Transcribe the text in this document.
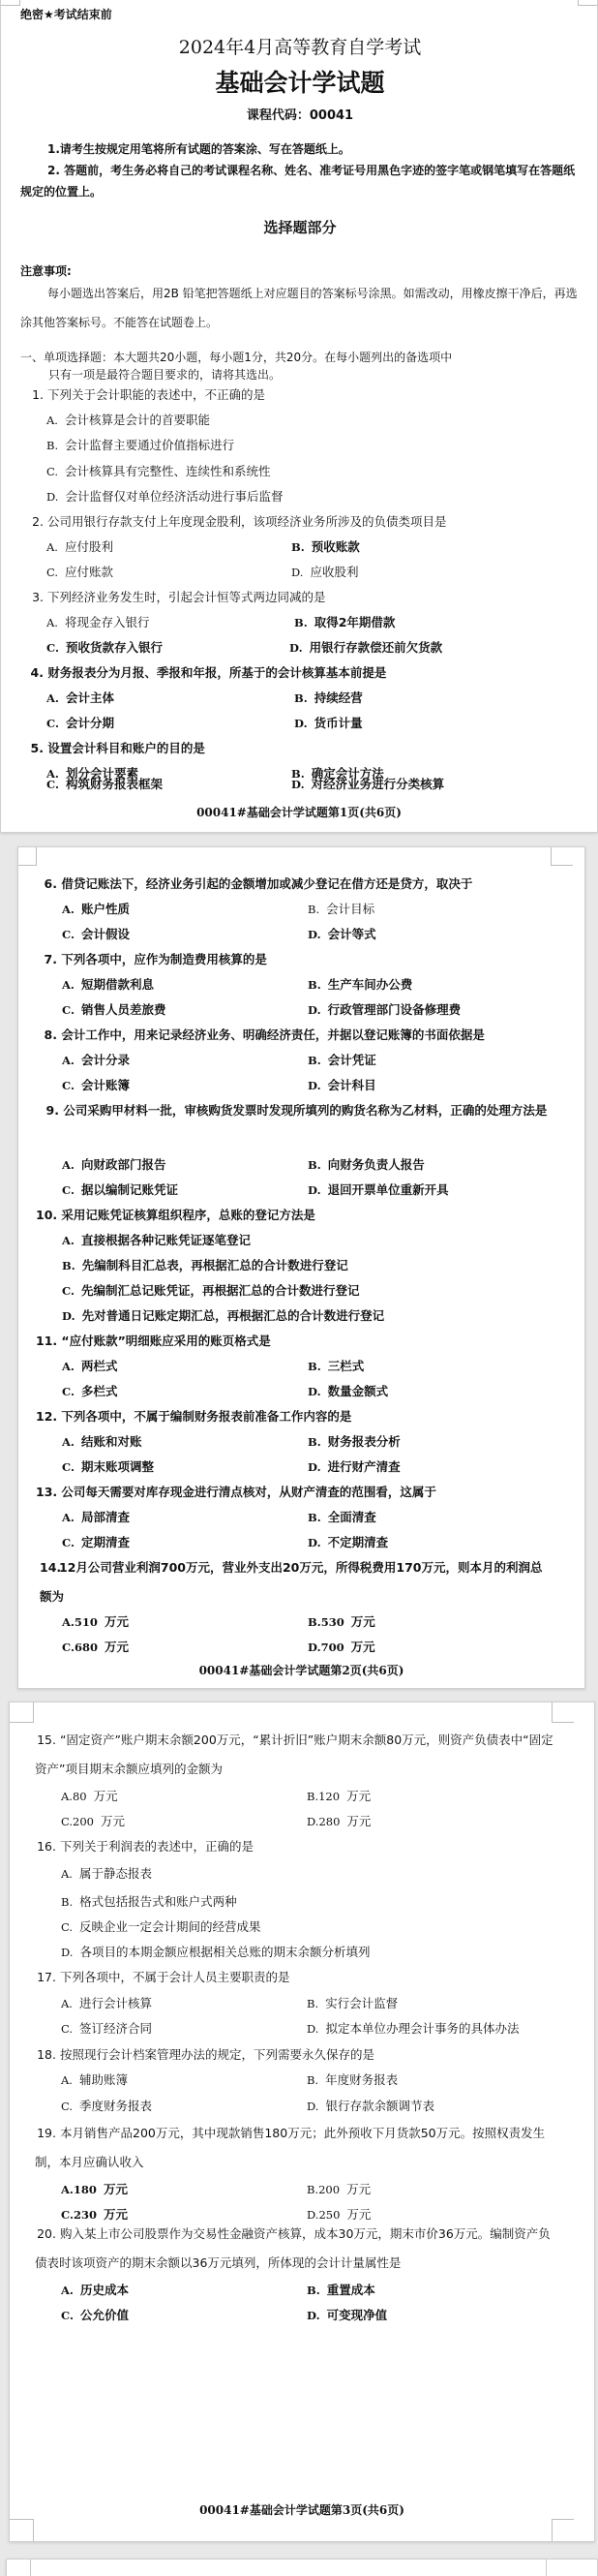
绝密★考试结束前
2024年4月高等教育自学考试
基础会计学试题
课程代码：00041
1.请考生按规定用笔将所有试题的答案涂、写在答题纸上。
2. 答题前，考生务必将自己的考试课程名称、姓名、准考证号用黑色字迹的签字笔或钢笔填写在答题纸规定的位置上。
选择题部分
注意事项:
每小题选出答案后，用2B 铅笔把答题纸上对应题目的答案标号涂黑。如需改动，用橡皮擦干净后，再选涂其他答案标号。不能答在试题卷上。
一、单项选择题：本大题共20小题，每小题1分，共20分。在每小题列出的备选项中
只有一项是最符合题目要求的，请将其选出。
1. 下列关于会计职能的表述中，不正确的是
A. 会计核算是会计的首要职能
B. 会计监督主要通过价值指标进行
C. 会计核算具有完整性、连续性和系统性
D. 会计监督仅对单位经济活动进行事后监督
2. 公司用银行存款支付上年度现金股利，该项经济业务所涉及的负债类项目是
A. 应付股利	B. 预收账款
C. 应付账款	D. 应收股利
3. 下列经济业务发生时，引起会计恒等式两边同减的是
A. 将现金存入银行	B. 取得2年期借款
C. 预收货款存入银行	D. 用银行存款偿还前欠货款
4. 财务报表分为月报、季报和年报，所基于的会计核算基本前提是
A. 会计主体	B. 持续经营
C. 会计分期	D. 货币计量
5. 设置会计科目和账户的目的是
A. 划分会计要素	B. 确定会计方法
C. 构筑财务报表框架	D. 对经济业务进行分类核算
00041#基础会计学试题第1页(共6页)
6. 借贷记账法下，经济业务引起的金额增加或减少登记在借方还是贷方，取决于
A. 账户性质	B. 会计目标
C. 会计假设	D. 会计等式
7. 下列各项中，应作为制造费用核算的是
A. 短期借款利息	B. 生产车间办公费
C. 销售人员差旅费	D. 行政管理部门设备修理费
8. 会计工作中，用来记录经济业务、明确经济责任，并据以登记账簿的书面依据是
A. 会计分录	B. 会计凭证
C. 会计账簿	D. 会计科目
9. 公司采购甲材料一批，审核购货发票时发现所填列的购货名称为乙材料，正确的处理方法是
A. 向财政部门报告	B. 向财务负责人报告
C. 据以编制记账凭证	D. 退回开票单位重新开具
10. 采用记账凭证核算组织程序，总账的登记方法是
A. 直接根据各种记账凭证逐笔登记
B. 先编制科目汇总表，再根据汇总的合计数进行登记
C. 先编制汇总记账凭证，再根据汇总的合计数进行登记
D. 先对普通日记账定期汇总，再根据汇总的合计数进行登记
11. “应付账款”明细账应采用的账页格式是
A. 两栏式	B. 三栏式
C. 多栏式	D. 数量金额式
12. 下列各项中，不属于编制财务报表前准备工作内容的是
A. 结账和对账	B. 财务报表分析
C. 期末账项调整	D. 进行财产清查
13. 公司每天需要对库存现金进行清点核对，从财产清查的范围看，这属于
A. 局部清查	B. 全面清查
C. 定期清查	D. 不定期清查
14.12月公司营业利润700万元，营业外支出20万元，所得税费用170万元，则本月的利润总额为
A.510 万元	B.530 万元
C.680 万元	D.700 万元
00041#基础会计学试题第2页(共6页)
15. “固定资产”账户期末余额200万元，“累计折旧”账户期末余额80万元，则资产负债表中“固定资产”项目期末余额应填列的金额为
A.80 万元	B.120 万元
C.200 万元	D.280 万元
16. 下列关于利润表的表述中，正确的是
A. 属于静态报表
B. 格式包括报告式和账户式两种
C. 反映企业一定会计期间的经营成果
D. 各项目的本期金额应根据相关总账的期末余额分析填列
17. 下列各项中，不属于会计人员主要职责的是
A. 进行会计核算	B. 实行会计监督
C. 签订经济合同	D. 拟定本单位办理会计事务的具体办法
18. 按照现行会计档案管理办法的规定，下列需要永久保存的是
A. 辅助账簿	B. 年度财务报表
C. 季度财务报表	D. 银行存款余额调节表
19. 本月销售产品200万元，其中现款销售180万元；此外预收下月货款50万元。按照权责发生制，本月应确认收入
A.180 万元	B.200 万元
C.230 万元	D.250 万元
20. 购入某上市公司股票作为交易性金融资产核算，成本30万元，期末市价36万元。编制资产负债表时该项资产的期末余额以36万元填列，所体现的会计计量属性是
A. 历史成本	B. 重置成本
C. 公允价值	D. 可变现净值
00041#基础会计学试题第3页(共6页)
